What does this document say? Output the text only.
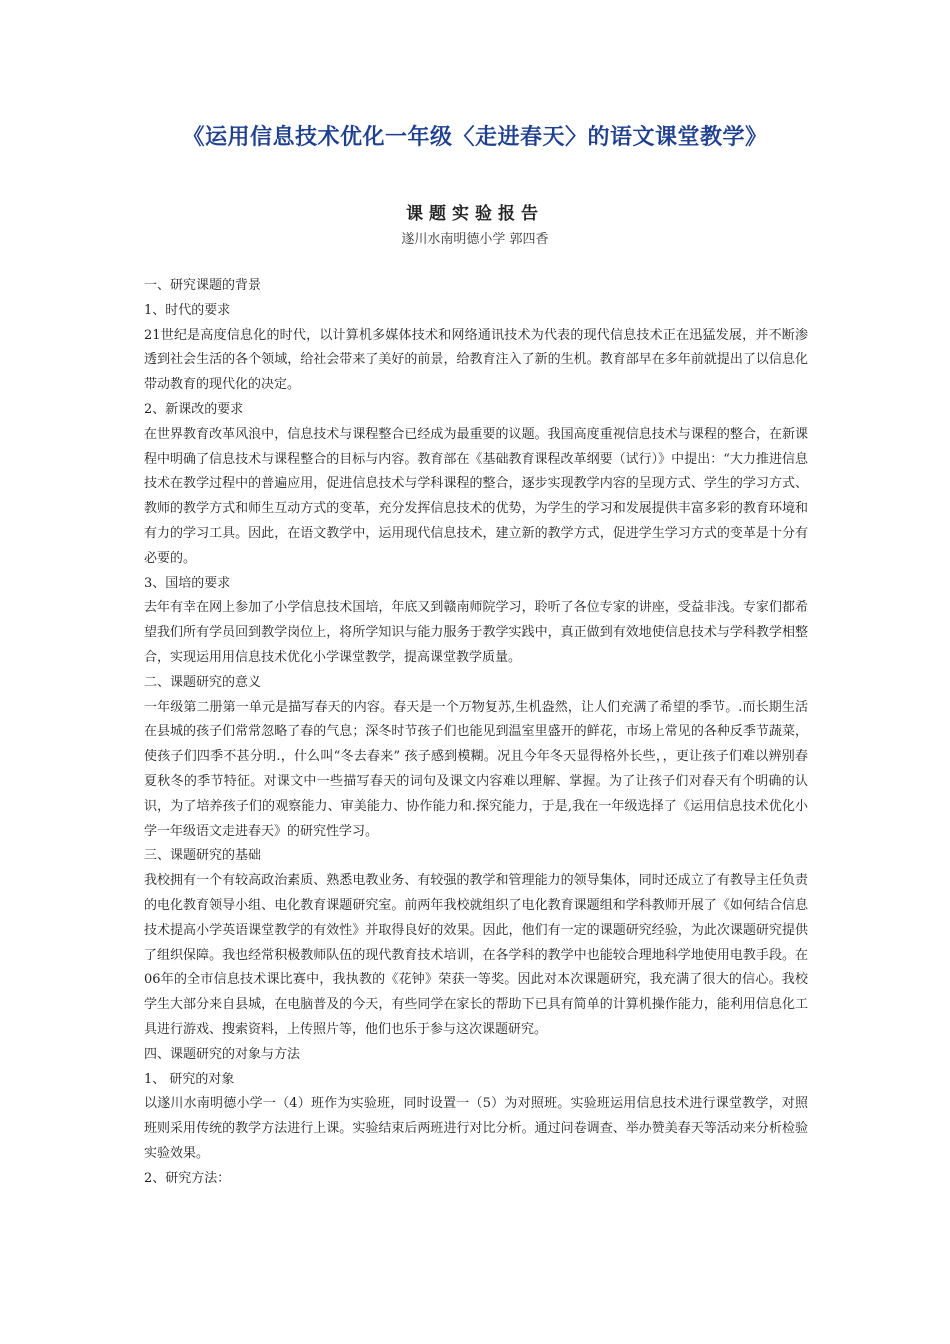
《运用信息技术优化一年级〈走进春天〉的语文课堂教学》
课题实验报告
遂川水南明德小学 郭四香

一、研究课题的背景

1、时代的要求

21世纪是高度信息化的时代，以计算机多媒体技术和网络通讯技术为代表的现代信息技术正在迅猛发展，并不断渗透到社会生活的各个领域，给社会带来了美好的前景，给教育注入了新的生机。教育部早在多年前就提出了以信息化带动教育的现代化的决定。

2、新课改的要求

在世界教育改革风浪中，信息技术与课程整合已经成为最重要的议题。我国高度重视信息技术与课程的整合，在新课程中明确了信息技术与课程整合的目标与内容。教育部在《基础教育课程改革纲要（试行）》中提出：“大力推进信息技术在教学过程中的普遍应用，促进信息技术与学科课程的整合，逐步实现教学内容的呈现方式、学生的学习方式、教师的教学方式和师生互动方式的变革，充分发挥信息技术的优势，为学生的学习和发展提供丰富多彩的教育环境和有力的学习工具。因此，在语文教学中，运用现代信息技术，建立新的教学方式，促进学生学习方式的变革是十分有必要的。

3、国培的要求

去年有幸在网上参加了小学信息技术国培，年底又到赣南师院学习，聆听了各位专家的讲座，受益非浅。专家们都希望我们所有学员回到教学岗位上，将所学知识与能力服务于教学实践中，真正做到有效地使信息技术与学科教学相整合，实现运用用信息技术优化小学课堂教学，提高课堂教学质量。

二、课题研究的意义

一年级第二册第一单元是描写春天的内容。春天是一个万物复苏,生机盎然，让人们充满了希望的季节。.而长期生活在县城的孩子们常常忽略了春的气息；深冬时节孩子们也能见到温室里盛开的鲜花，市场上常见的各种反季节蔬菜，使孩子们四季不甚分明.，什么叫“冬去春来” 孩子感到模糊。况且今年冬天显得格外长些，，更让孩子们难以辨别春夏秋冬的季节特征。对课文中一些描写春天的词句及课文内容难以理解、掌握。为了让孩子们对春天有个明确的认识，为了培养孩子们的观察能力、审美能力、协作能力和.探究能力，于是,我在一年级选择了《运用信息技术优化小学一年级语文走进春天》的研究性学习。

三、课题研究的基础

我校拥有一个有较高政治素质、熟悉电教业务、有较强的教学和管理能力的领导集体，同时还成立了有教导主任负责的电化教育领导小组、电化教育课题研究室。前两年我校就组织了电化教育课题组和学科教师开展了《如何结合信息技术提高小学英语课堂教学的有效性》并取得良好的效果。因此，他们有一定的课题研究经验，为此次课题研究提供了组织保障。我也经常积极教师队伍的现代教育技术培训，在各学科的教学中也能较合理地科学地使用电教手段。在06年的全市信息技术课比赛中，我执教的《花钟》荣获一等奖。因此对本次课题研究，我充满了很大的信心。我校学生大部分来自县城，在电脑普及的今天，有些同学在家长的帮助下已具有简单的计算机操作能力，能利用信息化工具进行游戏、搜索资料，上传照片等，他们也乐于参与这次课题研究。

四、课题研究的对象与方法

1、 研究的对象

以遂川水南明德小学一（4）班作为实验班，同时设置一（5）为对照班。实验班运用信息技术进行课堂教学，对照班则采用传统的教学方法进行上课。实验结束后两班进行对比分析。通过问卷调查、举办赞美春天等活动来分析检验实验效果。

2、研究方法：
